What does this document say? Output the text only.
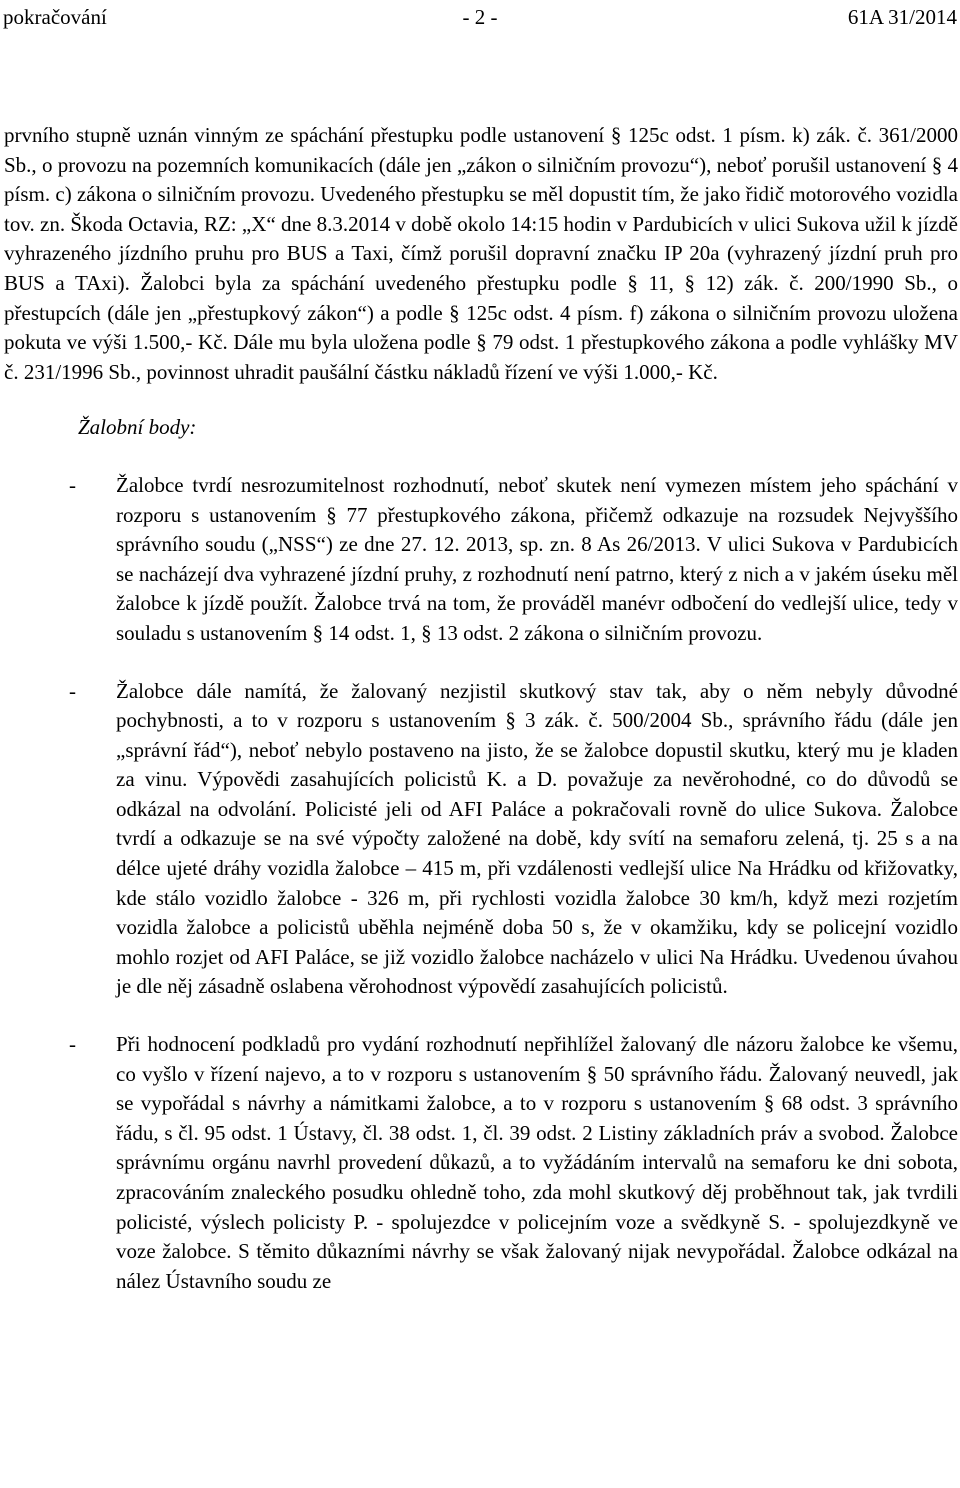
pokračování	- 2 -	61A 31/2014

prvního stupně uznán vinným ze spáchání přestupku podle ustanovení § 125c odst. 1 písm. k) zák. č. 361/2000 Sb., o provozu na pozemních komunikacích (dále jen „zákon o silničním provozu“), neboť porušil ustanovení § 4 písm. c) zákona o silničním provozu. Uvedeného přestupku se měl dopustit tím, že jako řidič motorového vozidla tov. zn. Škoda Octavia, RZ: „X“ dne 8.3.2014 v době okolo 14:15 hodin v Pardubicích v ulici Sukova užil k jízdě vyhrazeného jízdního pruhu pro BUS a Taxi, čímž porušil dopravní značku IP 20a (vyhrazený jízdní pruh pro BUS a TAxi). Žalobci byla za spáchání uvedeného přestupku podle § 11, § 12) zák. č. 200/1990 Sb., o přestupcích (dále jen „přestupkový zákon“) a podle § 125c odst. 4 písm. f) zákona o silničním provozu uložena pokuta ve výši 1.500,- Kč. Dále mu byla uložena podle § 79 odst. 1 přestupkového zákona a podle vyhlášky MV č. 231/1996 Sb., povinnost uhradit paušální částku nákladů řízení ve výši 1.000,- Kč.

Žalobní body:
- Žalobce tvrdí nesrozumitelnost rozhodnutí, neboť skutek není vymezen místem jeho spáchání v rozporu s ustanovením § 77 přestupkového zákona, přičemž odkazuje na rozsudek Nejvyššího správního soudu („NSS“) ze dne 27. 12. 2013, sp. zn. 8 As 26/2013. V ulici Sukova v Pardubicích se nacházejí dva vyhrazené jízdní pruhy, z rozhodnutí není patrno, který z nich a v jakém úseku měl žalobce k jízdě použít. Žalobce trvá na tom, že prováděl manévr odbočení do vedlejší ulice, tedy v souladu s ustanovením § 14 odst. 1, § 13 odst. 2 zákona o silničním provozu.

- Žalobce dále namítá, že žalovaný nezjistil skutkový stav tak, aby o něm nebyly důvodné pochybnosti, a to v rozporu s ustanovením § 3 zák. č. 500/2004 Sb., správního řádu (dále jen „správní řád“), neboť nebylo postaveno na jisto, že se žalobce dopustil skutku, který mu je kladen za vinu. Výpovědi zasahujících policistů K. a D. považuje za nevěrohodné, co do důvodů se odkázal na odvolání. Policisté jeli od AFI Paláce a pokračovali rovně do ulice Sukova. Žalobce tvrdí a odkazuje se na své výpočty založené na době, kdy svítí na semaforu zelená, tj. 25 s a na délce ujeté dráhy vozidla žalobce – 415 m, při vzdálenosti vedlejší ulice Na Hrádku od křižovatky, kde stálo vozidlo žalobce - 326 m, při rychlosti vozidla žalobce 30 km/h, když mezi rozjetím vozidla žalobce a policistů uběhla nejméně doba 50 s, že v okamžiku, kdy se policejní vozidlo mohlo rozjet od AFI Paláce, se již vozidlo žalobce nacházelo v ulici Na Hrádku. Uvedenou úvahou je dle něj zásadně oslabena věrohodnost výpovědí zasahujících policistů.

- Při hodnocení podkladů pro vydání rozhodnutí nepřihlížel žalovaný dle názoru žalobce ke všemu, co vyšlo v řízení najevo, a to v rozporu s ustanovením § 50 správního řádu. Žalovaný neuvedl, jak se vypořádal s návrhy a námitkami žalobce, a to v rozporu s ustanovením § 68 odst. 3 správního řádu, s čl. 95 odst. 1 Ústavy, čl. 38 odst. 1, čl. 39 odst. 2 Listiny základních práv a svobod. Žalobce správnímu orgánu navrhl provedení důkazů, a to vyžádáním intervalů na semaforu ke dni sobota, zpracováním znaleckého posudku ohledně toho, zda mohl skutkový děj proběhnout tak, jak tvrdili policisté, výslech policisty P. - spolujezdce v policejním voze a svědkyně S. - spolujezdkyně ve voze žalobce. S těmito důkazními návrhy se však žalovaný nijak nevypořádal. Žalobce odkázal na nález Ústavního soudu ze
